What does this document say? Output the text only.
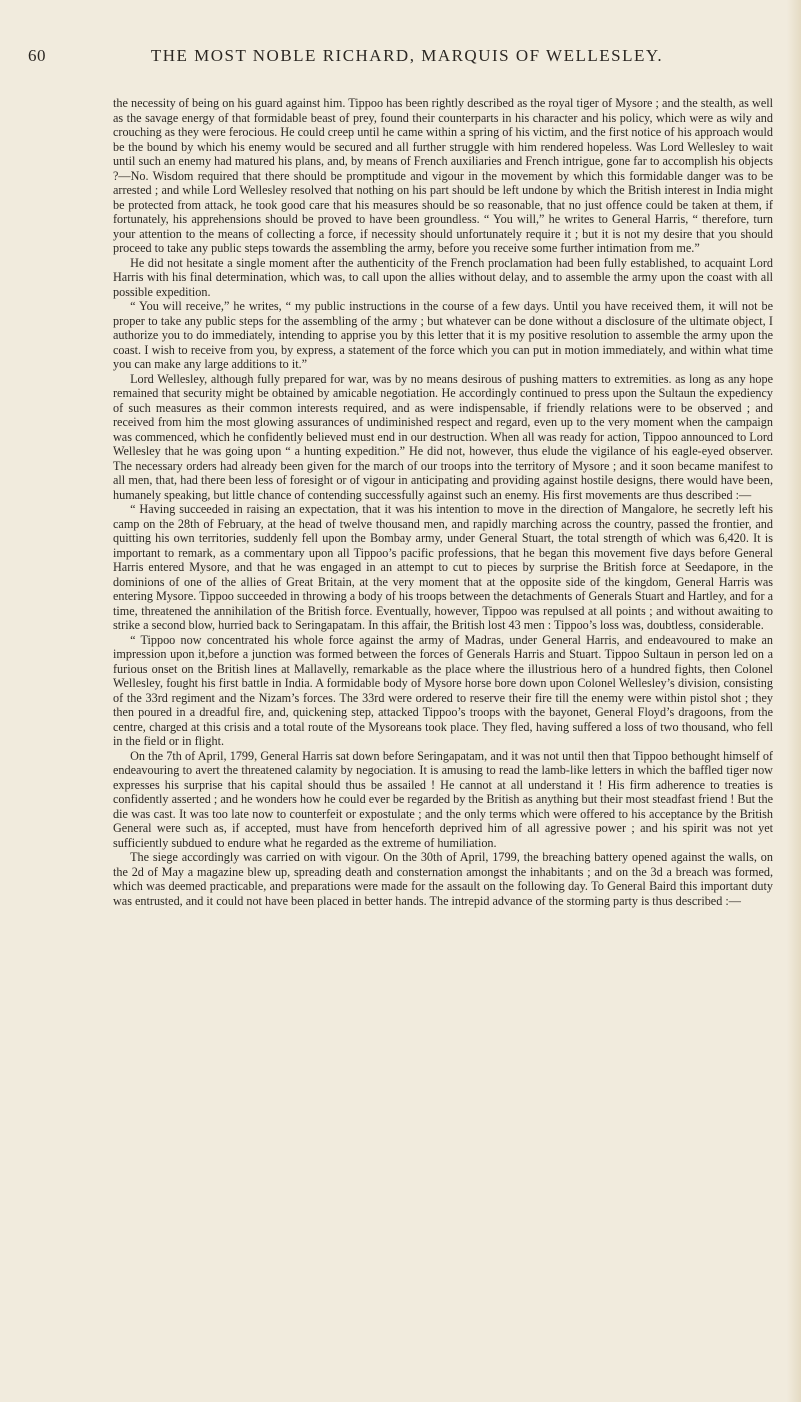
60	THE MOST NOBLE RICHARD, MARQUIS OF WELLESLEY.

the necessity of being on his guard against him. Tippoo has been rightly described as the royal tiger of Mysore ; and the stealth, as well as the savage energy of that formidable beast of prey, found their counterparts in his character and his policy, which were as wily and crouching as they were ferocious. He could creep until he came within a spring of his victim, and the first notice of his approach would be the bound by which his enemy would be secured and all further struggle with him rendered hopeless. Was Lord Wellesley to wait until such an enemy had matured his plans, and, by means of French auxiliaries and French intrigue, gone far to accomplish his objects ?—No. Wisdom required that there should be promptitude and vigour in the movement by which this formidable danger was to be arrested ; and while Lord Wellesley resolved that nothing on his part should be left undone by which the British interest in India might be protected from attack, he took good care that his measures should be so reasonable, that no just offence could be taken at them, if fortunately, his apprehensions should be proved to have been groundless. “ You will,” he writes to General Harris, “ therefore, turn your attention to the means of collecting a force, if necessity should unfortunately require it ; but it is not my desire that you should proceed to take any public steps towards the assembling the army, before you receive some further intimation from me.”

He did not hesitate a single moment after the authenticity of the French proclamation had been fully established, to acquaint Lord Harris with his final determination, which was, to call upon the allies without delay, and to assemble the army upon the coast with all possible expedition.

“ You will receive,” he writes, “ my public instructions in the course of a few days. Until you have received them, it will not be proper to take any public steps for the assembling of the army ; but whatever can be done without a disclosure of the ultimate object, I authorize you to do immediately, intending to apprise you by this letter that it is my positive resolution to assemble the army upon the coast. I wish to receive from you, by express, a statement of the force which you can put in motion immediately, and within what time you can make any large additions to it.”

Lord Wellesley, although fully prepared for war, was by no means desirous of pushing matters to extremities. as long as any hope remained that security might be obtained by amicable negotiation. He accordingly continued to press upon the Sultaun the expediency of such measures as their common interests required, and as were indispensable, if friendly relations were to be observed ; and received from him the most glowing assurances of undiminished respect and regard, even up to the very moment when the campaign was commenced, which he confidently believed must end in our destruction. When all was ready for action, Tippoo announced to Lord Wellesley that he was going upon “ a hunting expedition.” He did not, however, thus elude the vigilance of his eagle-eyed observer. The necessary orders had already been given for the march of our troops into the territory of Mysore ; and it soon became manifest to all men, that, had there been less of foresight or of vigour in anticipating and providing against hostile designs, there would have been, humanely speaking, but little chance of contending successfully against such an enemy. His first movements are thus described :—

“ Having succeeded in raising an expectation, that it was his intention to move in the direction of Mangalore, he secretly left his camp on the 28th of February, at the head of twelve thousand men, and rapidly marching across the country, passed the frontier, and quitting his own territories, suddenly fell upon the Bombay army, under General Stuart, the total strength of which was 6,420. It is important to remark, as a commentary upon all Tippoo’s pacific professions, that he began this movement five days before General Harris entered Mysore, and that he was engaged in an attempt to cut to pieces by surprise the British force at Seedapore, in the dominions of one of the allies of Great Britain, at the very moment that at the opposite side of the kingdom, General Harris was entering Mysore. Tippoo succeeded in throwing a body of his troops between the detachments of Generals Stuart and Hartley, and for a time, threatened the annihilation of the British force. Eventually, however, Tippoo was repulsed at all points ; and without awaiting to strike a second blow, hurried back to Seringapatam. In this affair, the British lost 43 men : Tippoo’s loss was, doubtless, considerable.

“ Tippoo now concentrated his whole force against the army of Madras, under General Harris, and endeavoured to make an impression upon it,before a junction was formed between the forces of Generals Harris and Stuart. Tippoo Sultaun in person led on a furious onset on the British lines at Mallavelly, remarkable as the place where the illustrious hero of a hundred fights, then Colonel Wellesley, fought his first battle in India. A formidable body of Mysore horse bore down upon Colonel Wellesley’s division, consisting of the 33rd regiment and the Nizam’s forces. The 33rd were ordered to reserve their fire till the enemy were within pistol shot ; they then poured in a dreadful fire, and, quickening step, attacked Tippoo’s troops with the bayonet, General Floyd’s dragoons, from the centre, charged at this crisis and a total route of the Mysoreans took place. They fled, having suffered a loss of two thousand, who fell in the field or in flight.

On the 7th of April, 1799, General Harris sat down before Seringapatam, and it was not until then that Tippoo bethought himself of endeavouring to avert the threatened calamity by negociation. It is amusing to read the lamb-like letters in which the baffled tiger now expresses his surprise that his capital should thus be assailed ! He cannot at all understand it ! His firm adherence to treaties is confidently asserted ; and he wonders how he could ever be regarded by the British as anything but their most steadfast friend ! But the die was cast. It was too late now to counterfeit or expostulate ; and the only terms which were offered to his acceptance by the British General were such as, if accepted, must have from henceforth deprived him of all agressive power ; and his spirit was not yet sufficiently subdued to endure what he regarded as the extreme of humiliation.

The siege accordingly was carried on with vigour. On the 30th of April, 1799, the breaching battery opened against the walls, on the 2d of May a magazine blew up, spreading death and consternation amongst the inhabitants ; and on the 3d a breach was formed, which was deemed practicable, and preparations were made for the assault on the following day. To General Baird this important duty was entrusted, and it could not have been placed in better hands. The intrepid advance of the storming party is thus described :—
